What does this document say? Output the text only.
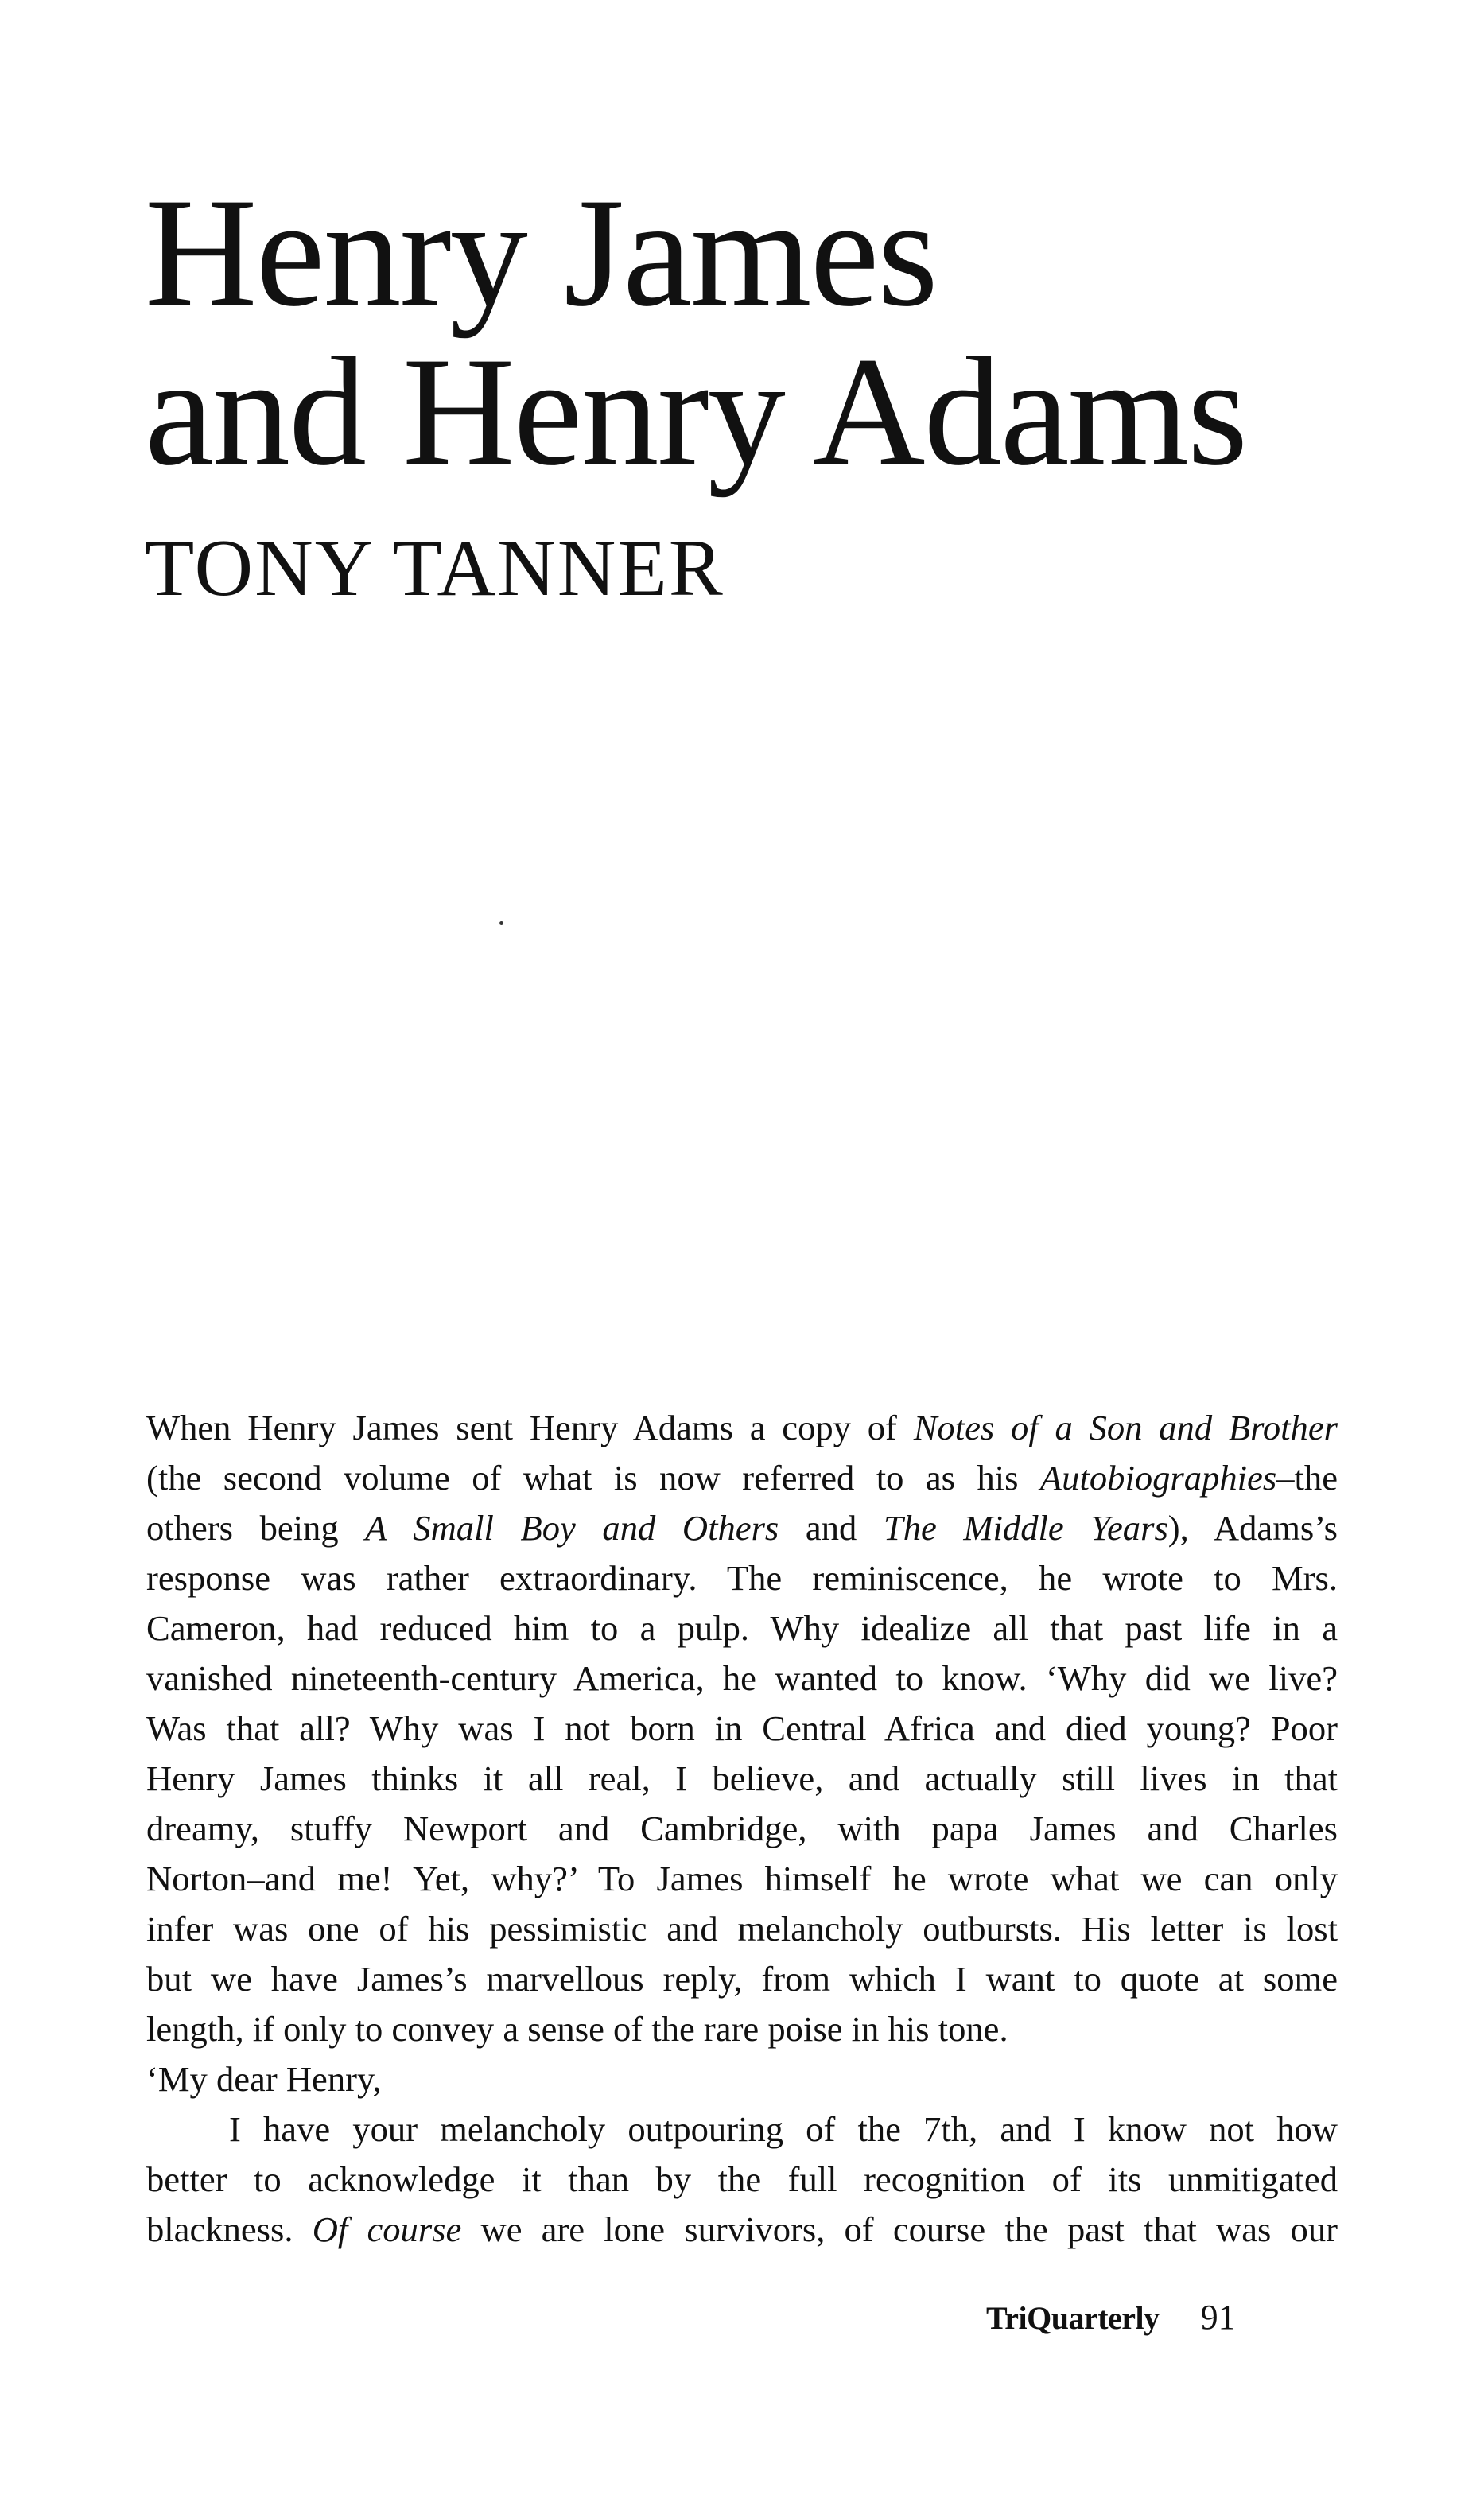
Henry James
and Henry Adams
TONY TANNER
When Henry James sent Henry Adams a copy of Notes of a Son and Brother
(the second volume of what is now referred to as his Autobiographies–the
others being A Small Boy and Others and The Middle Years), Adams’s
response was rather extraordinary. The reminiscence, he wrote to Mrs.
Cameron, had reduced him to a pulp. Why idealize all that past life in a
vanished nineteenth-century America, he wanted to know. ‘Why did we live?
Was that all? Why was I not born in Central Africa and died young? Poor
Henry James thinks it all real, I believe, and actually still lives in that
dreamy, stuffy Newport and Cambridge, with papa James and Charles
Norton–and me! Yet, why?’ To James himself he wrote what we can only
infer was one of his pessimistic and melancholy outbursts. His letter is lost
but we have James’s marvellous reply, from which I want to quote at some
length, if only to convey a sense of the rare poise in his tone.
‘My dear Henry,
I have your melancholy outpouring of the 7th, and I know not how
better to acknowledge it than by the full recognition of its unmitigated
blackness. Of course we are lone survivors, of course the past that was our
TriQuarterly 91
